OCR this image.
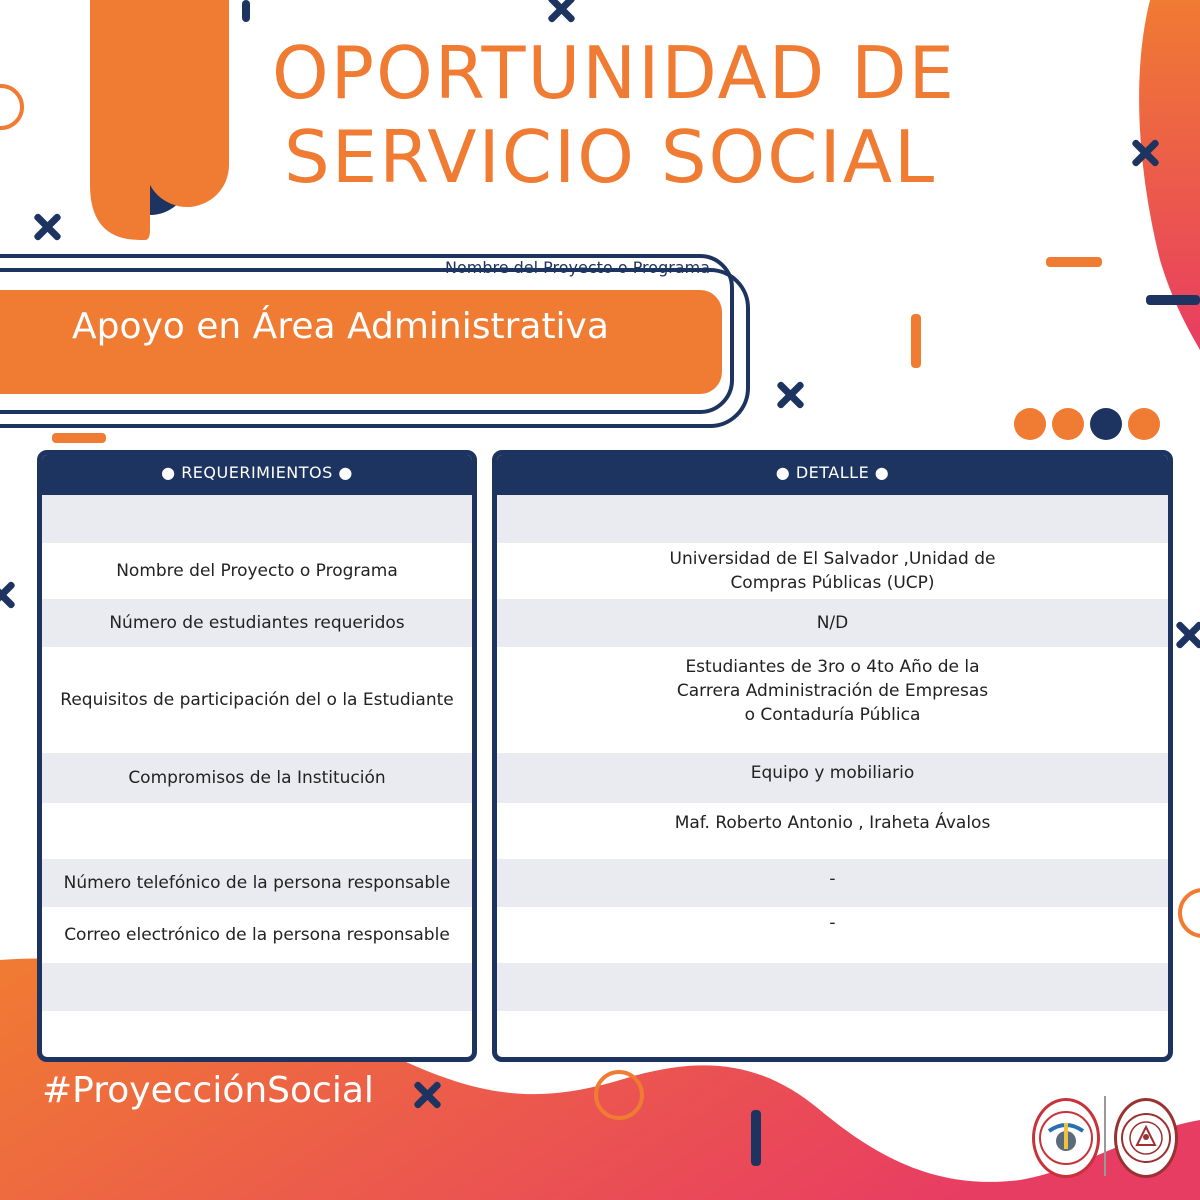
OPORTUNIDAD DE
SERVICIO SOCIAL
Nombre del Proyecto o Programa
Apoyo en Área Administrativa
● REQUERIMIENTOS ●
Nombre del Proyecto o Programa
Número de estudiantes requeridos
Requisitos de participación del o la Estudiante
Compromisos de la Institución
Número telefónico de la persona responsable
Correo electrónico de la persona responsable
● DETALLE ●
Universidad de El Salvador ,Unidad de
Compras Públicas (UCP)
N/D
Estudiantes de 3ro o 4to Año de la
Carrera Administración de Empresas
o Contaduría Pública
Equipo y mobiliario
Maf. Roberto Antonio , Iraheta Ávalos
-
-
#ProyecciónSocial
